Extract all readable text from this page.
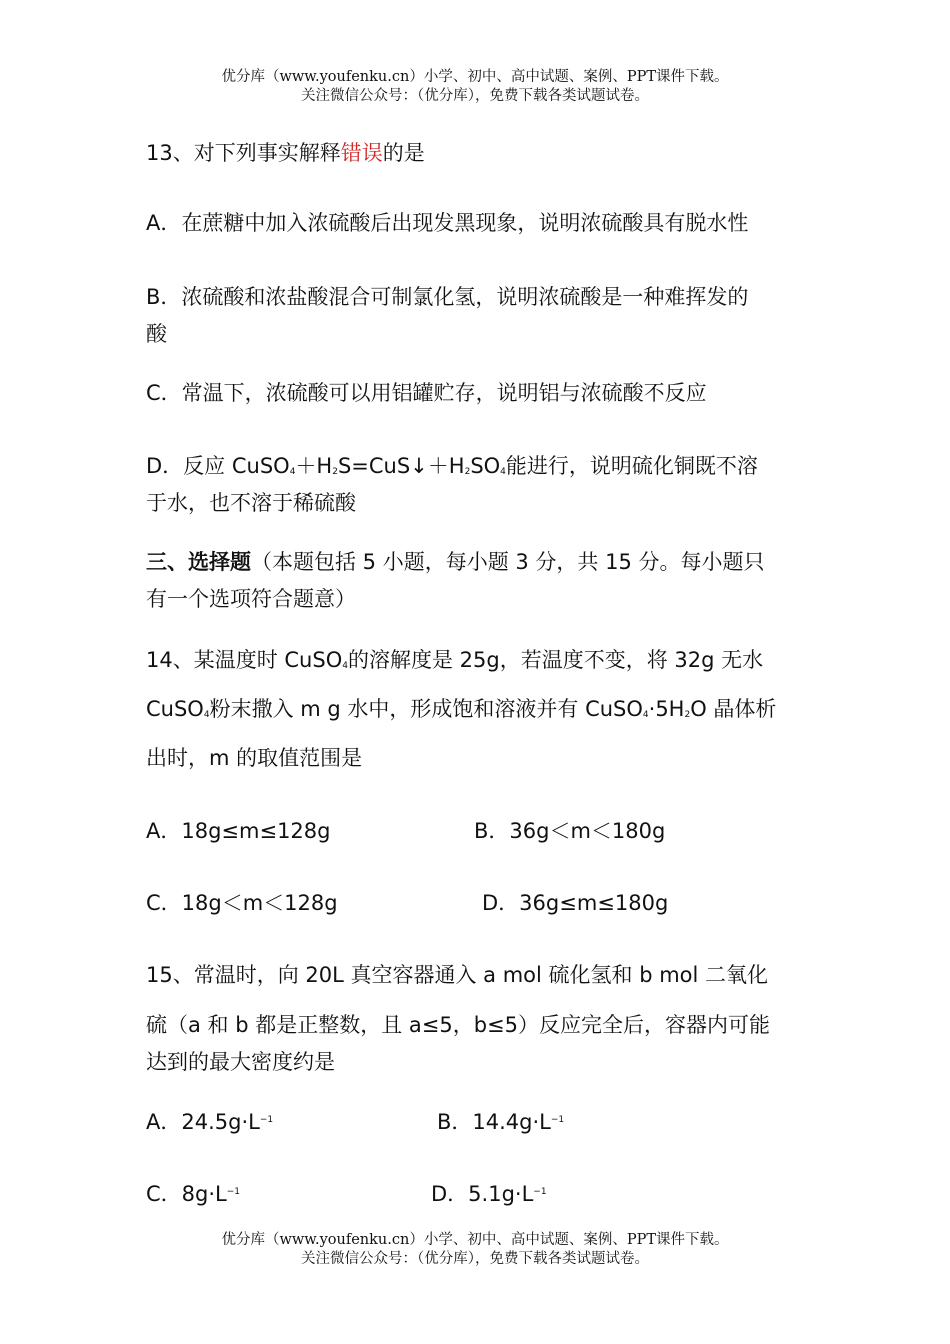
优分库（www.youfenku.cn）小学、初中、高中试题、案例、PPT课件下载。
关注微信公众号：（优分库），免费下载各类试题试卷。
13、对下列事实解释错误的是
A．在蔗糖中加入浓硫酸后出现发黑现象，说明浓硫酸具有脱水性
B．浓硫酸和浓盐酸混合可制氯化氢，说明浓硫酸是一种难挥发的
酸
C．常温下，浓硫酸可以用铝罐贮存，说明铝与浓硫酸不反应
D．反应 $CuSO_4+H_2S=CuS↓+H_2SO_4$能进行，说明硫化铜既不溶
于水，也不溶于稀硫酸
三、选择题（本题包括 5 小题，每小题 3 分，共 15 分。每小题只
有一个选项符合题意）
14、某温度时 CuSO$_4$的溶解度是 25g，若温度不变，将 32g 无水
CuSO$_4$粉末撒入 m g 水中，形成饱和溶液并有 $CuSO_4\cdot 5H_2O$ 晶体析
出时，m 的取值范围是
A．18g≤m≤128g	B．36g＜m＜180g
C．18g＜m＜128g	D．36g≤m≤180g
15、常温时，向 20L 真空容器通入 a mol 硫化氢和 b mol 二氧化
硫（a 和 b 都是正整数，且 a≤5，b≤5）反应完全后，容器内可能
达到的最大密度约是
A．$24.5g\cdot L^{-1}$	B．$14.4g\cdot L^{-1}$
C．$8g\cdot L^{-1}$	D．$5.1g\cdot L^{-1}$
优分库（www.youfenku.cn）小学、初中、高中试题、案例、PPT课件下载。
关注微信公众号：（优分库），免费下载各类试题试卷。
